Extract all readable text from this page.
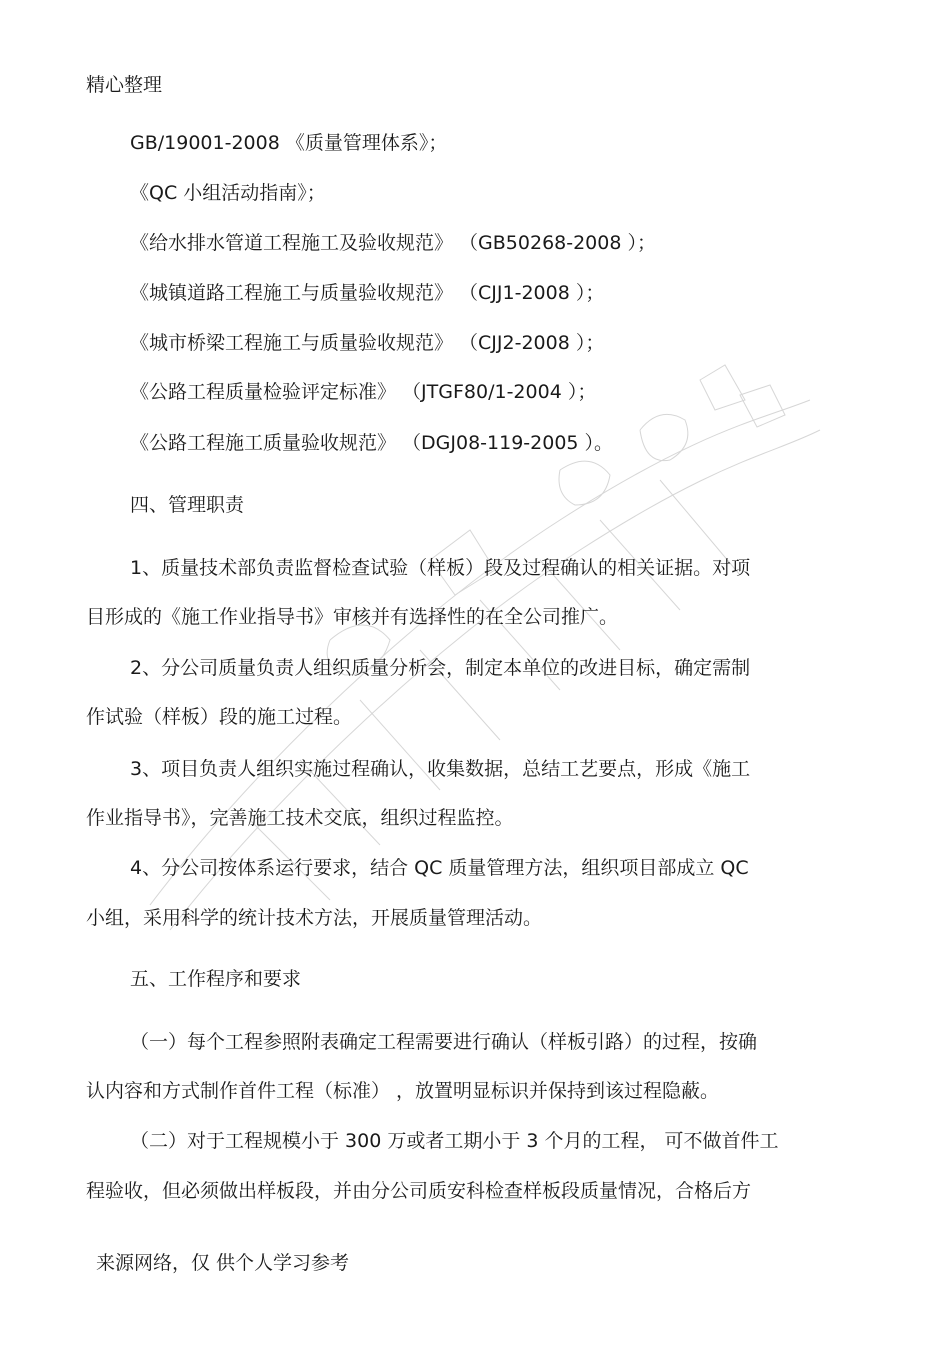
精心整理
GB/19001-2008 《质量管理体系》；
《QC 小组活动指南》；
《给水排水管道工程施工及验收规范》 （GB50268-2008 ）；
《城镇道路工程施工与质量验收规范》 （CJJ1-2008 ）；
《城市桥梁工程施工与质量验收规范》 （CJJ2-2008 ）；
《公路工程质量检验评定标准》 （JTGF80/1-2004 ）；
《公路工程施工质量验收规范》 （DGJ08-119-2005 ）。
四、管理职责
1、质量技术部负责监督检查试验（样板）段及过程确认的相关证据。对项
目形成的《施工作业指导书》审核并有选择性的在全公司推广。
2、分公司质量负责人组织质量分析会，制定本单位的改进目标，确定需制
作试验（样板）段的施工过程。
3、项目负责人组织实施过程确认，收集数据，总结工艺要点，形成《施工
作业指导书》，完善施工技术交底，组织过程监控。
4、分公司按体系运行要求，结合 QC 质量管理方法，组织项目部成立 QC
小组，采用科学的统计技术方法，开展质量管理活动。
五、工作程序和要求
（一）每个工程参照附表确定工程需要进行确认（样板引路）的过程，按确
认内容和方式制作首件工程（标准） ，放置明显标识并保持到该过程隐蔽。
（二）对于工程规模小于 300 万或者工期小于 3 个月的工程， 可不做首件工
程验收，但必须做出样板段，并由分公司质安科检查样板段质量情况，合格后方
来源网络，仅 供个人学习参考
